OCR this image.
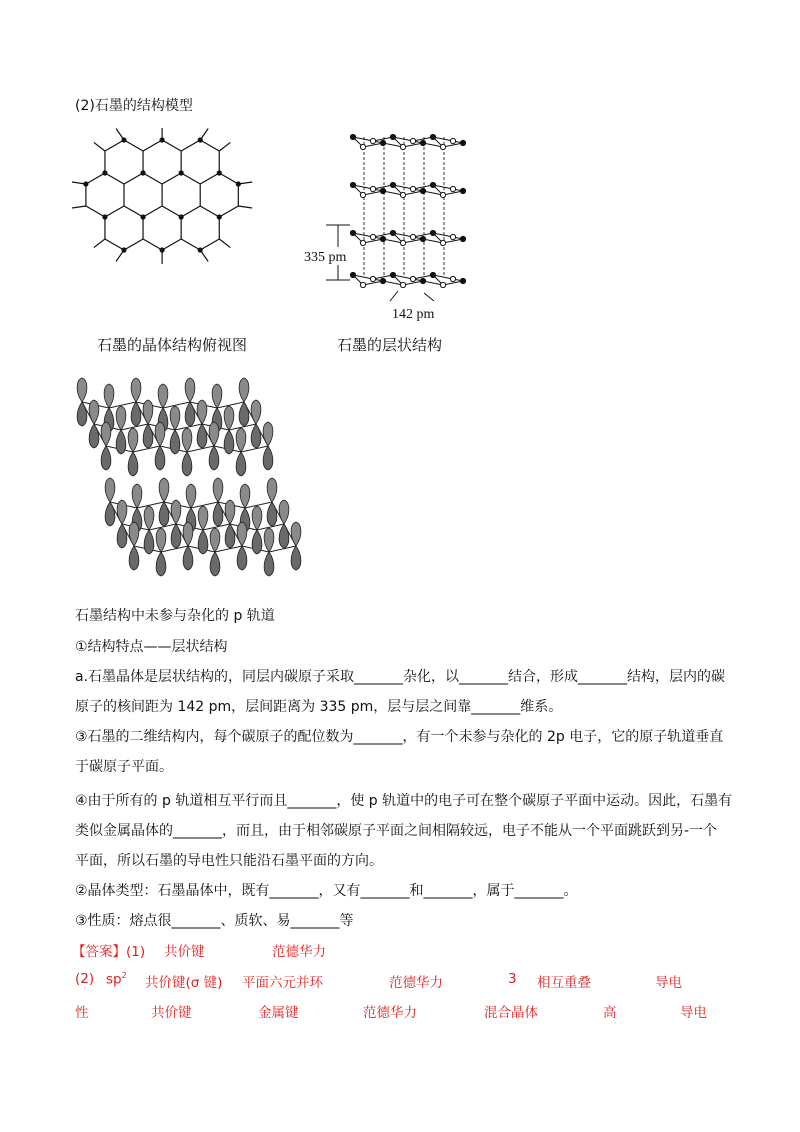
(2)石墨的结构模型
石墨的晶体结构俯视图
335 pm
142 pm
石墨的层状结构
石墨结构中未参与杂化的 p 轨道
①结构特点——层状结构
a.石墨晶体是层状结构的，同层内碳原子采取_______杂化，以_______结合，形成_______结构，层内的碳
原子的核间距为 142 pm，层间距离为 335 pm，层与层之间靠_______维系。
③石墨的二维结构内，每个碳原子的配位数为_______，有一个未参与杂化的 2p 电子，它的原子轨道垂直
于碳原子平面。
④由于所有的 p 轨道相互平行而且_______，使 p 轨道中的电子可在整个碳原子平面中运动。因此，石墨有
类似金属晶体的_______，而且，由于相邻碳原子平面之间相隔较远，电子不能从一个平面跳跃到另-一个
平面，所以石墨的导电性只能沿石墨平面的方向。
②晶体类型：石墨晶体中，既有_______，又有_______和_______，属于_______。
③性质：熔点很_______、质软、易_______等
【答案】(1) 共价键	范德华力
(2) $sp^2$ 共价键(σ 键) 平面六元并环	范德华力	3 相互重叠	导电
性	共价键	金属键	范德华力	混合晶体	高	导电
